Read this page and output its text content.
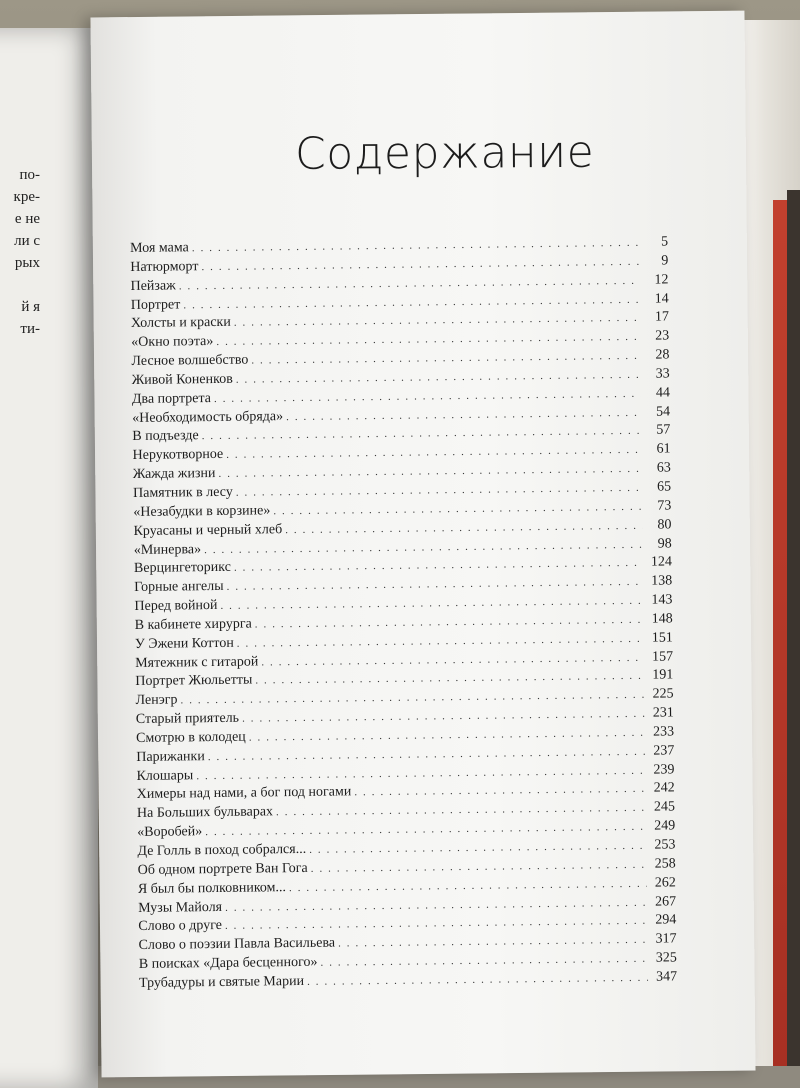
по-
кре-
е не
ли с
рых

й я
ти-
Содержание
Моя мама . . .	5
Натюрморт . . .	9
Пейзаж . . .	12
Портрет . . .	14
Холсты и краски . . .	17
«Окно поэта» . . .	23
Лесное волшебство . . .	28
Живой Коненков . . .	33
Два портрета . . .	44
«Необходимость обряда» . . .	54
В подъезде . . .	57
Нерукотворное . . .	61
Жажда жизни . . .	63
Памятник в лесу . . .	65
«Незабудки в корзине» . . .	73
Круасаны и черный хлеб . . .	80
«Минерва» . . .	98
Верцингеторикс . . .	124
Горные ангелы . . .	138
Перед войной . . .	143
В кабинете хирурга . . .	148
У Эжени Коттон . . .	151
Мятежник с гитарой . . .	157
Портрет Жюльетты . . .	191
Ленэгр . . .	225
Старый приятель . . .	231
Смотрю в колодец . . .	233
Парижанки . . .	237
Клошары . . .	239
Химеры над нами, а бог под ногами . . .	242
На Больших бульварах . . .	245
«Воробей» . . .	249
Де Голль в поход собрался... . . .	253
Об одном портрете Ван Гога . . .	258
Я был бы полковником... . . .	262
Музы Майоля . . .	267
Слово о друге . . .	294
Слово о поэзии Павла Васильева . . .	317
В поисках «Дара бесценного» . . .	325
Трубадуры и святые Марии . . .	347
